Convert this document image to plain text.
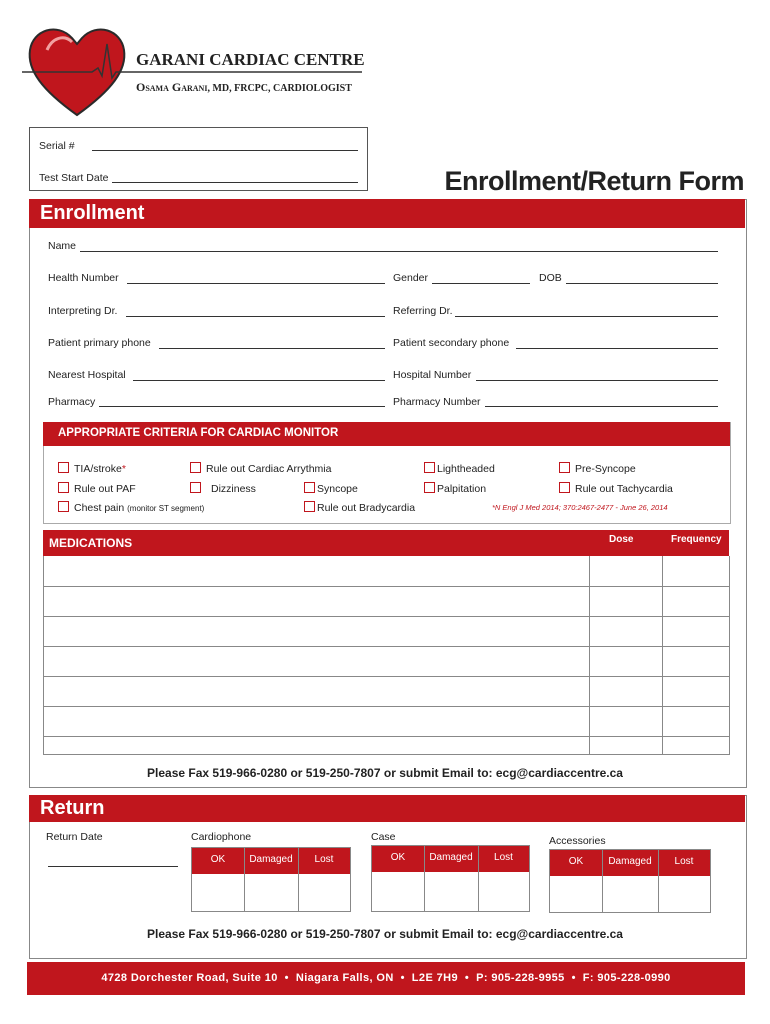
GARANI CARDIAC CENTRE
Osama Garani, MD, FRCPC, CARDIOLOGIST
Serial #
Test Start Date	Enrollment/Return Form
Enrollment
Name
Health Number	Gender	DOB
Interpreting Dr.	Referring Dr.
Patient primary phone	Patient secondary phone
Nearest Hospital	Hospital Number
Pharmacy	Pharmacy Number
APPROPRIATE CRITERIA FOR CARDIAC MONITOR
TIA/stroke*	Rule out Cardiac Arrythmia	Lightheaded	Pre-Syncope
Rule out PAF	Dizziness	Syncope	Palpitation	Rule out Tachycardia
Chest pain (monitor ST segment)	Rule out Bradycardia	*N Engl J Med 2014; 370:2467-2477 - June 26, 2014
MEDICATIONS	Dose	Frequency
Please Fax 519-966-0280 or 519-250-7807 or submit Email to: ecg@cardiaccentre.ca
Return
Return Date	Cardiophone
OK	Damaged	Lost
Case
OK	Damaged	Lost
Accessories
OK	Damaged	Lost
Please Fax 519-966-0280 or 519-250-7807 or submit Email to: ecg@cardiaccentre.ca
4728 Dorchester Road, Suite 10  •  Niagara Falls, ON  •  L2E 7H9  •  P: 905-228-9955  •  F: 905-228-0990
